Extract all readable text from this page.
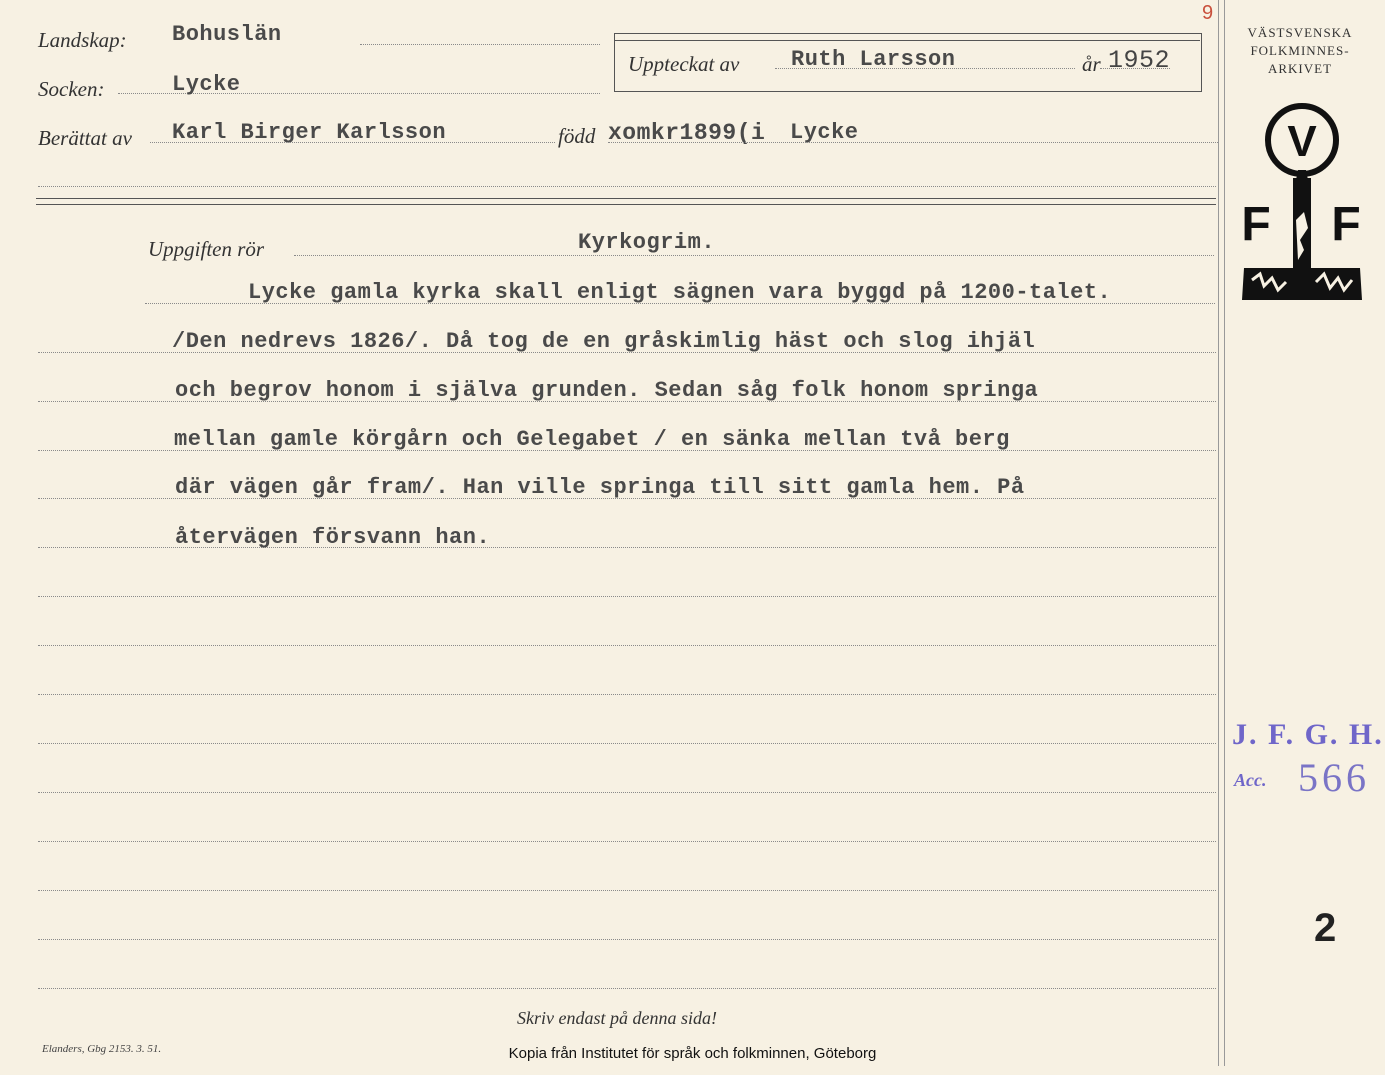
Landskap: Bohuslän
Socken:	Lycke
Uppteckat av Ruth Larsson	år 1952
Berättat av Karl Birger Karlsson	född xomkr1899(i Lycke
Uppgiften rör	Kyrkogrim.
Lycke gamla kyrka skall enligt sägnen vara byggd på 1200-talet.
/Den nedrevs 1826/. Då tog de en gråskimlig häst och slog ihjäl
och begrov honom i själva grunden. Sedan såg folk honom springa
mellan gamle körgårn och Gelegabet / en sänka mellan två berg
där vägen går fram/. Han ville springa till sitt gamla hem. På
återvägen försvann han.
Skriv endast på denna sida!
Elanders, Gbg 2153. 3. 51.	Kopia från Institutet för språk och folkminnen, Göteborg
9
VÄSTSVENSKA
FOLKMINNES-
ARKIVET
V
F F
J. F. G. H.
Acc. 566
2
